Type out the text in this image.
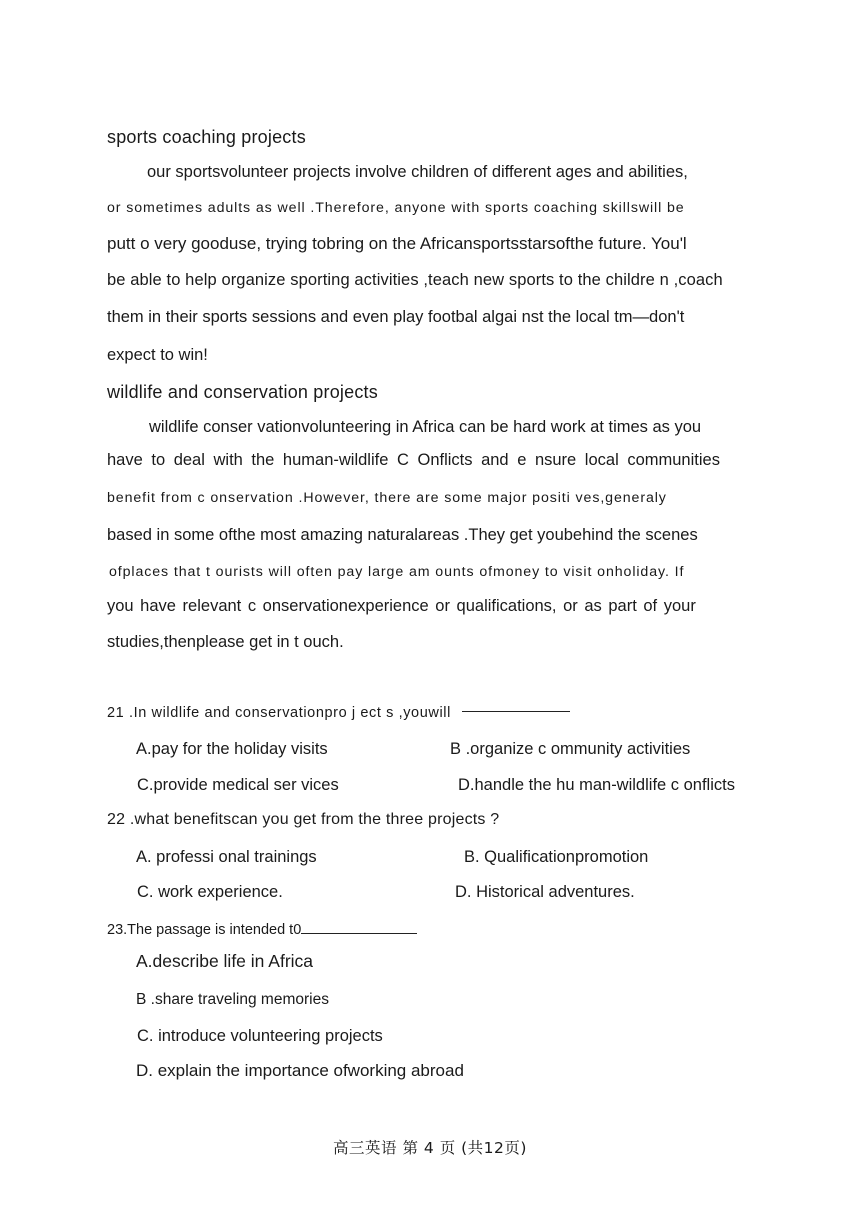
sports coaching projects
our sportsvolunteer projects involve children of different ages and abilities,
or sometimes adults as well .Therefore, anyone with sports coaching skillswill be
putt o very gooduse, trying tobring on the Africansportsstarsofthe future. You'l
be able to help organize sporting activities ,teach new sports to the childre n ,coach
them in their sports sessions and even play footbal algai nst the local tm—don't
expect to win!
wildlife and conservation projects
wildlife conser vationvolunteering in Africa can be hard work at times as you
have to deal with the human-wildlife C Onflicts and e nsure local communities
benefit from c onservation .However, there are some major positi ves,generaly
based in some ofthe most amazing naturalareas .They get youbehind the scenes
ofplaces that t ourists will often pay large am ounts ofmoney to visit onholiday. If
you have relevant c onservationexperience or qualifications, or as part of your
studies,thenplease get in t ouch.
21 .In wildlife and conservationpro j ect s ,youwill
A.pay for the holiday visits	B .organize c ommunity activities
C.provide medical ser vices	D.handle the hu man-wildlife c onflicts
22 .what benefitscan you get from the three projects ?
A. professi onal trainings	B. Qualificationpromotion
C. work experience.	D. Historical adventures.
23.The passage is intended t0
A.describe life in Africa
B .share traveling memories
C. introduce volunteering projects
D. explain the importance ofworking abroad
高三英语 第 4 页 (共12页)
